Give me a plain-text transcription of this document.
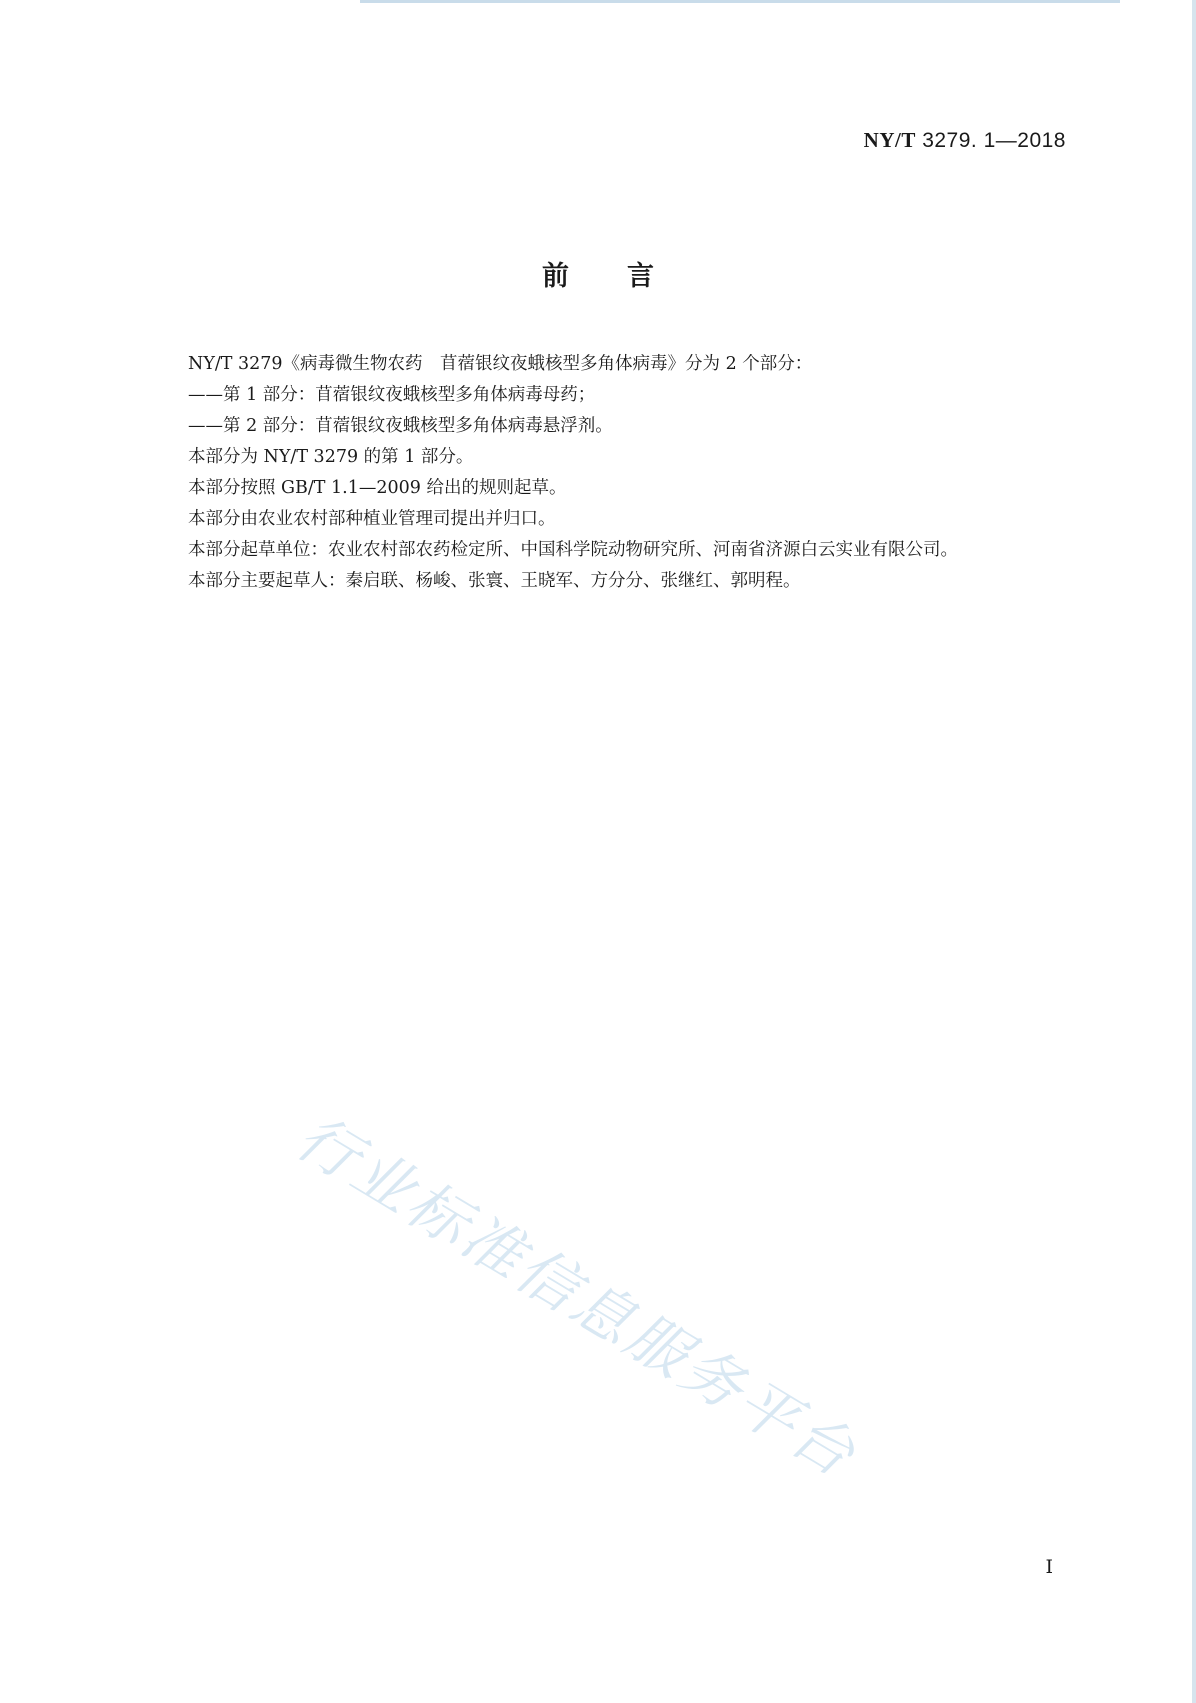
NY/T 3279. 1—2018
前言

NY/T 3279《病毒微生物农药　苜蓿银纹夜蛾核型多角体病毒》分为 2 个部分：

——第 1 部分：苜蓿银纹夜蛾核型多角体病毒母药；

——第 2 部分：苜蓿银纹夜蛾核型多角体病毒悬浮剂。

本部分为 NY/T 3279 的第 1 部分。

本部分按照 GB/T 1.1—2009 给出的规则起草。

本部分由农业农村部种植业管理司提出并归口。

本部分起草单位：农业农村部农药检定所、中国科学院动物研究所、河南省济源白云实业有限公司。

本部分主要起草人：秦启联、杨峻、张寰、王晓军、方分分、张继红、郭明程。

行业标准信息服务平台
I
